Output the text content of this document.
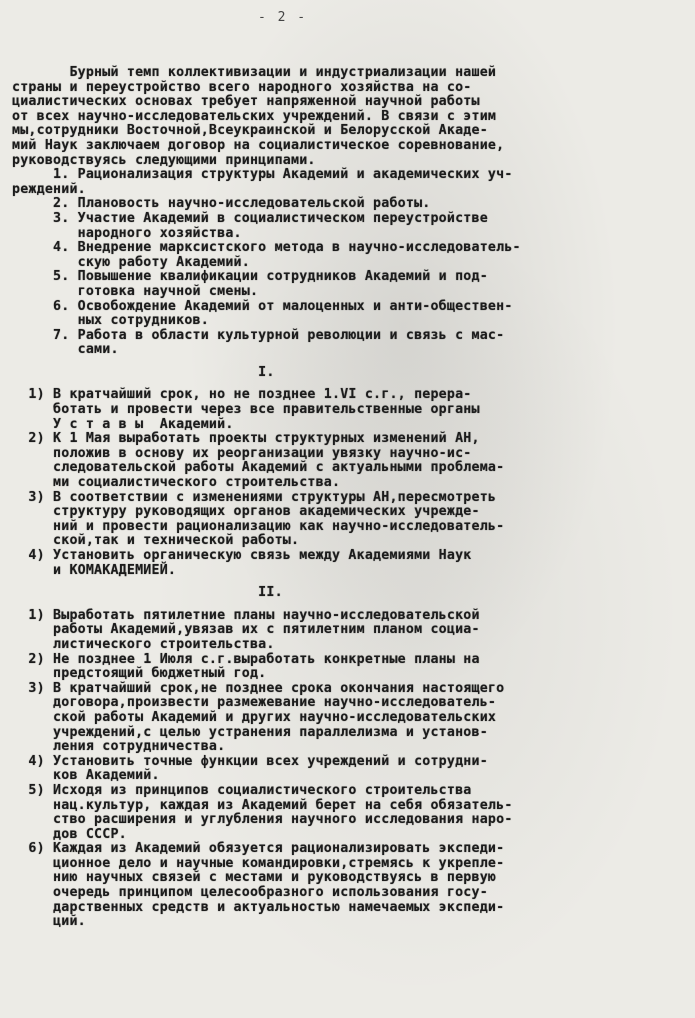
- 2 -
Бурный темп коллективизации и индустриализации нашей
страны и переустройство всего народного хозяйства на со-
циалистических основах требует напряженной научной работы
от всех научно-исследовательских учреждений. В связи с этим
мы,сотрудники Восточной,Всеукраинской и Белорусской Акаде-
мий Наук заключаем договор на социалистическое соревнование,
руководствуясь следующими принципами.
1. Рационализация структуры Академий и академических уч-
реждений.
2. Плановость научно-исследовательской работы.
3. Участие Академий в социалистическом переустройстве
народного хозяйства.
4. Внедрение марксистского метода в научно-исследователь-
скую работу Академий.
5. Повышение квалификации сотрудников Академий и под-
готовка научной смены.
6. Освобождение Академий от малоценных и анти-обществен-
ных сотрудников.
7. Работа в области культурной революции и связь с мас-
сами.
I.
1) В кратчайший срок, но не позднее 1.VI с.г., перера-
ботать и провести через все правительственные органы
У с т а в ы  Академий.
2) К 1 Мая выработать проекты структурных изменений АН,
положив в основу их реорганизации увязку научно-ис-
следовательской работы Академий с актуальными проблема-
ми социалистического строительства.
3) В соответствии с изменениями структуры АН,пересмотреть
структуру руководящих органов академических учрежде-
ний и провести рационализацию как научно-исследователь-
ской,так и технической работы.
4) Установить органическую связь между Академиями Наук
и КОМАКАДЕМИЕЙ.
II.
1) Выработать пятилетние планы научно-исследовательской
работы Академий,увязав их с пятилетним планом социа-
листического строительства.
2) Не позднее 1 Июля с.г.выработать конкретные планы на
предстоящий бюджетный год.
3) В кратчайший срок,не позднее срока окончания настоящего
договора,произвести размежевание научно-исследователь-
ской работы Академий и других научно-исследовательских
учреждений,с целью устранения параллелизма и установ-
ления сотрудничества.
4) Установить точные функции всех учреждений и сотрудни-
ков Академий.
5) Исходя из принципов социалистического строительства
нац.культур, каждая из Академий берет на себя обязатель-
ство расширения и углубления научного исследования наро-
дов СССР.
6) Каждая из Академий обязуется рационализировать экспеди-
ционное дело и научные командировки,стремясь к укрепле-
нию научных связей с местами и руководствуясь в первую
очередь принципом целесообразного использования госу-
дарственных средств и актуальностью намечаемых экспеди-
ций.
